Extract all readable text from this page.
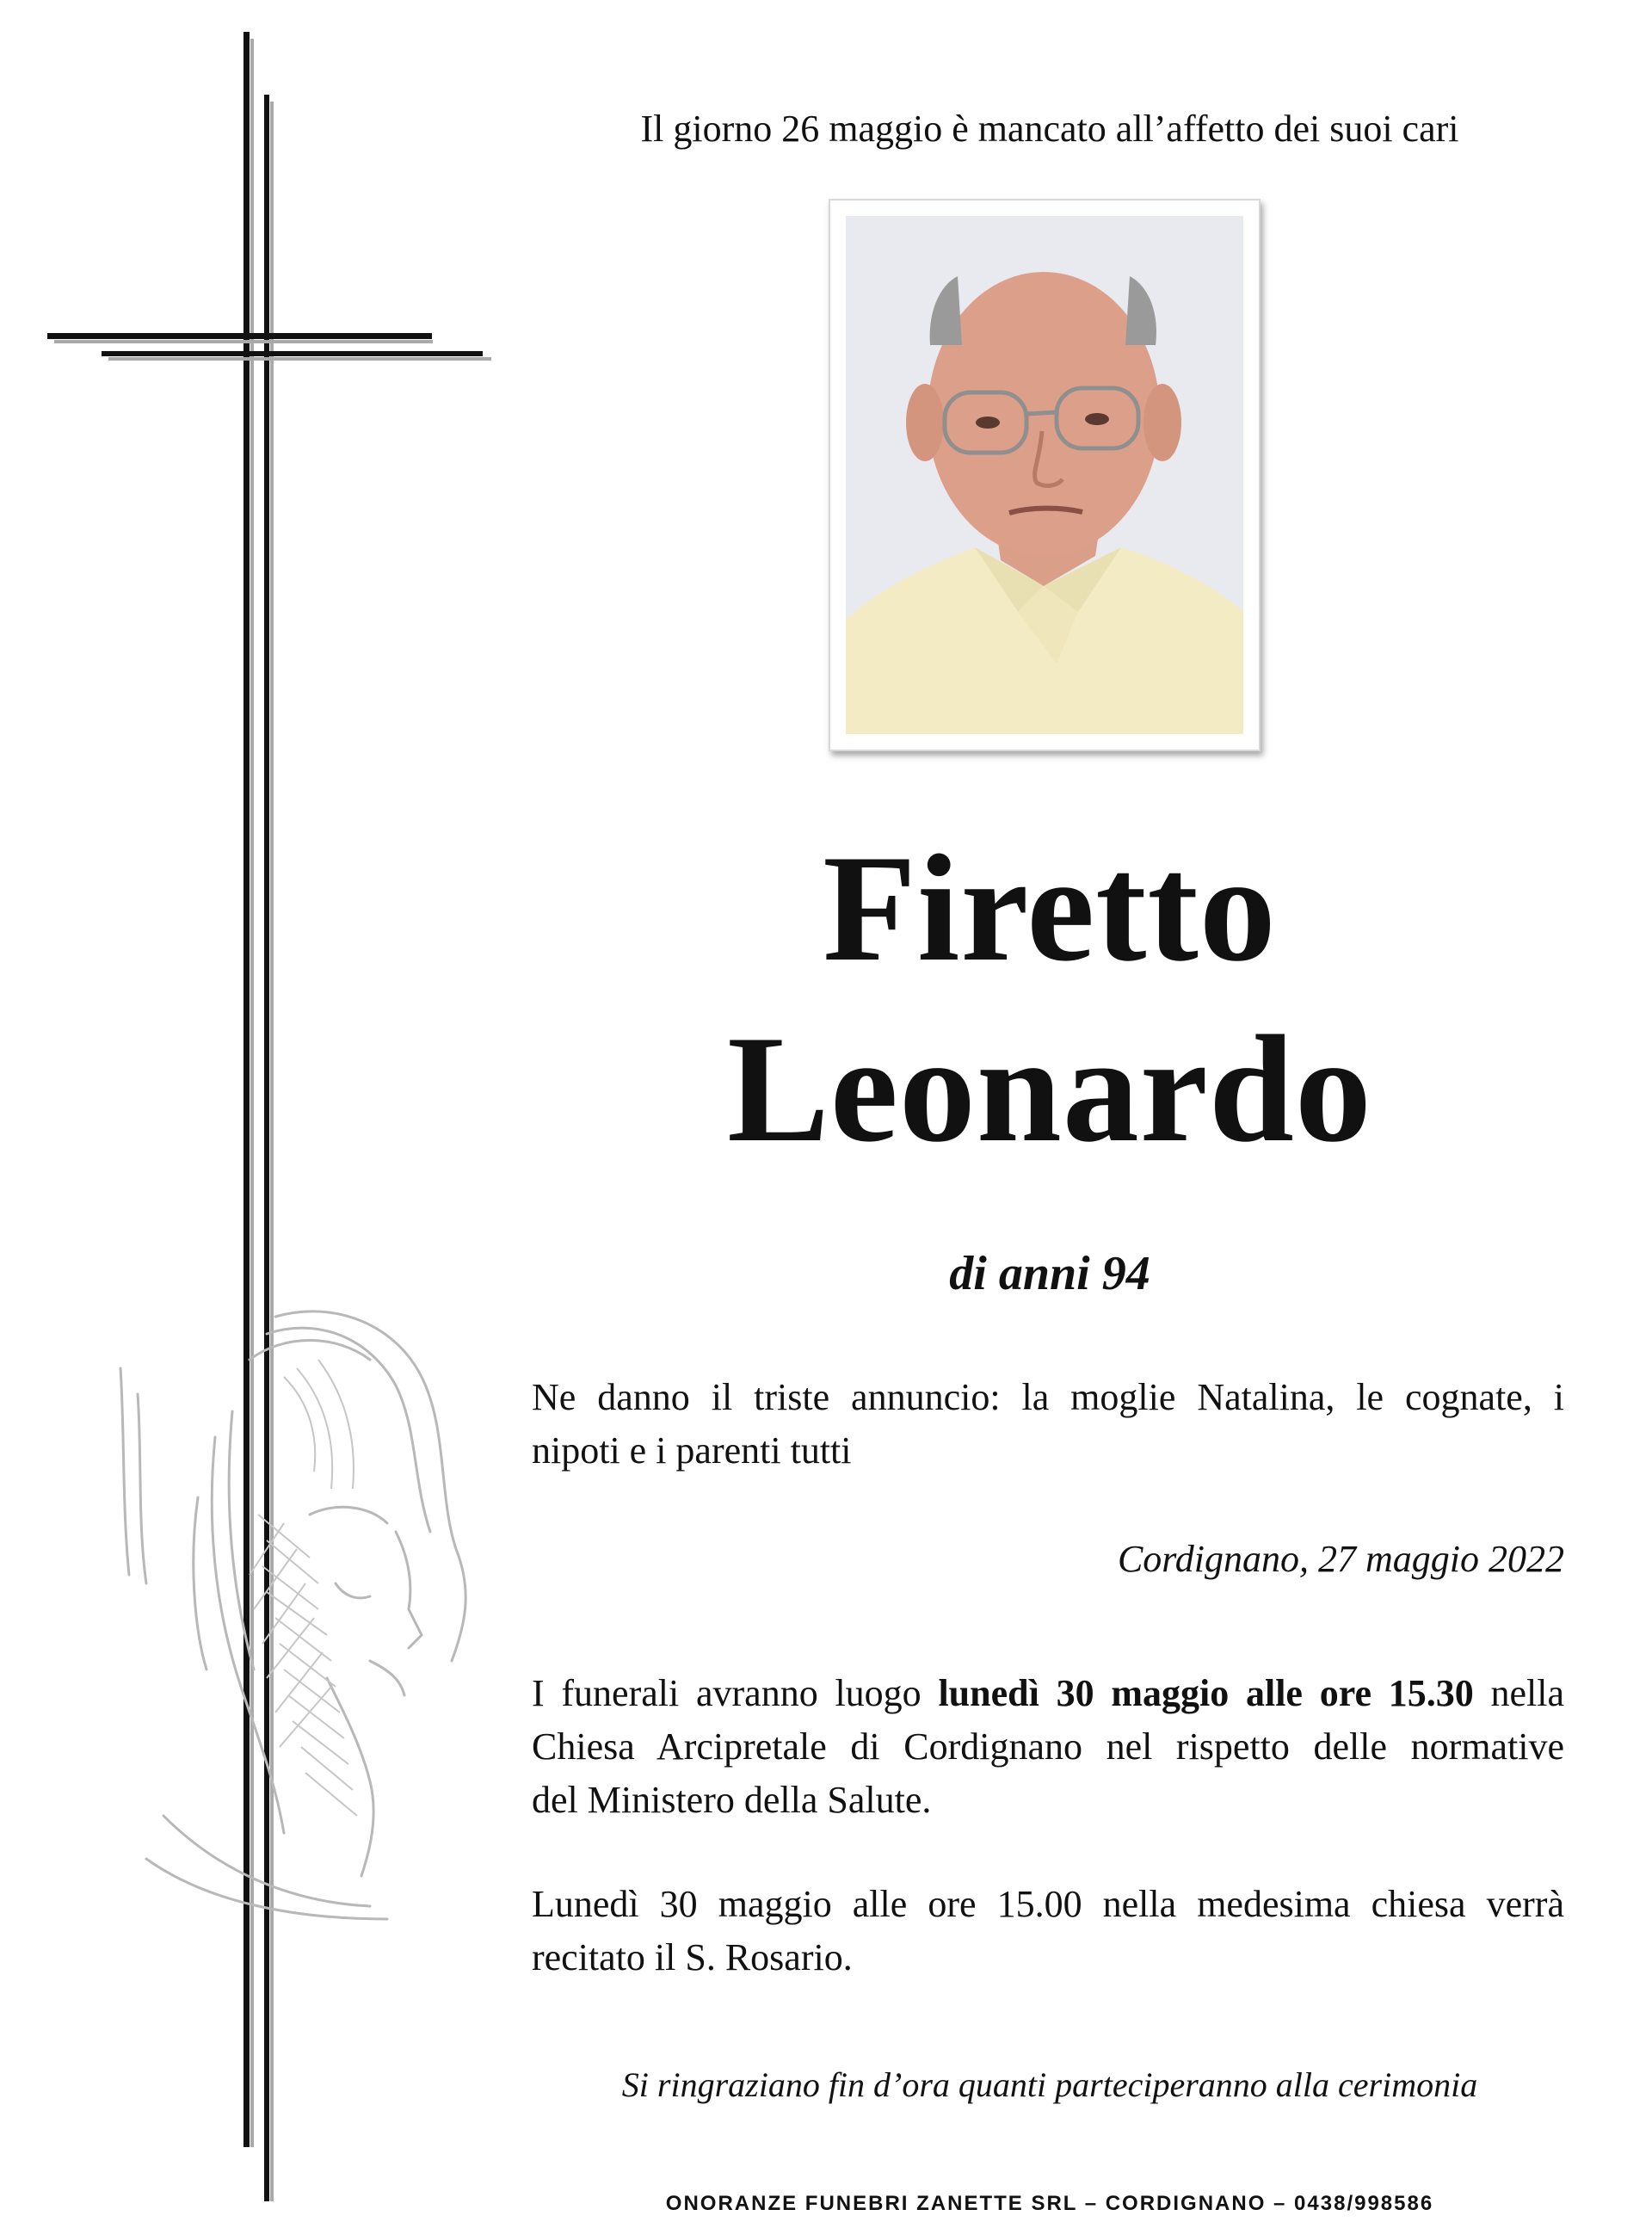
Il giorno 26 maggio è mancato all’affetto dei suoi cari
Firetto
Leonardo
di anni 94
Ne danno il triste annuncio: la moglie Natalina, le cognate, i
nipoti e i parenti tutti
Cordignano, 27 maggio 2022
I funerali avranno luogo lunedì 30 maggio alle ore 15.30 nella
Chiesa Arcipretale di Cordignano nel rispetto delle normative
del Ministero della Salute.
Lunedì 30 maggio alle ore 15.00 nella medesima chiesa verrà
recitato il S. Rosario.
Si ringraziano fin d’ora quanti parteciperanno alla cerimonia
ONORANZE FUNEBRI ZANETTE SRL – CORDIGNANO – 0438/998586
